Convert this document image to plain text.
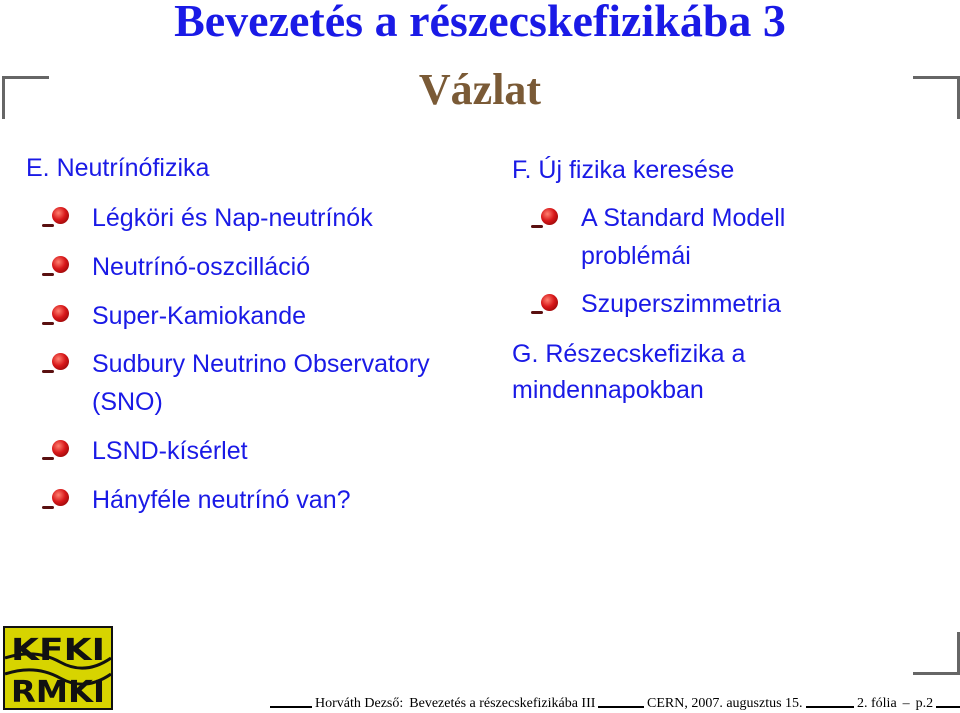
Bevezetés a részecskefizikába 3
Vázlat
E. Neutrínófizika
Légköri és Nap-neutrínók
Neutrínó-oszcilláció
Super-Kamiokande
Sudbury Neutrino Observatory
(SNO)
LSND-kísérlet
Hányféle neutrínó van?
F. Új fizika keresése
A Standard Modell
problémái
Szuperszimmetria
G. Részecskefizika a
mindennapokban
KFKI
RMKI	Horváth Dezső: Bevezetés a részecskefizikába III	CERN, 2007. augusztus 15.	2. fólia – p.2
